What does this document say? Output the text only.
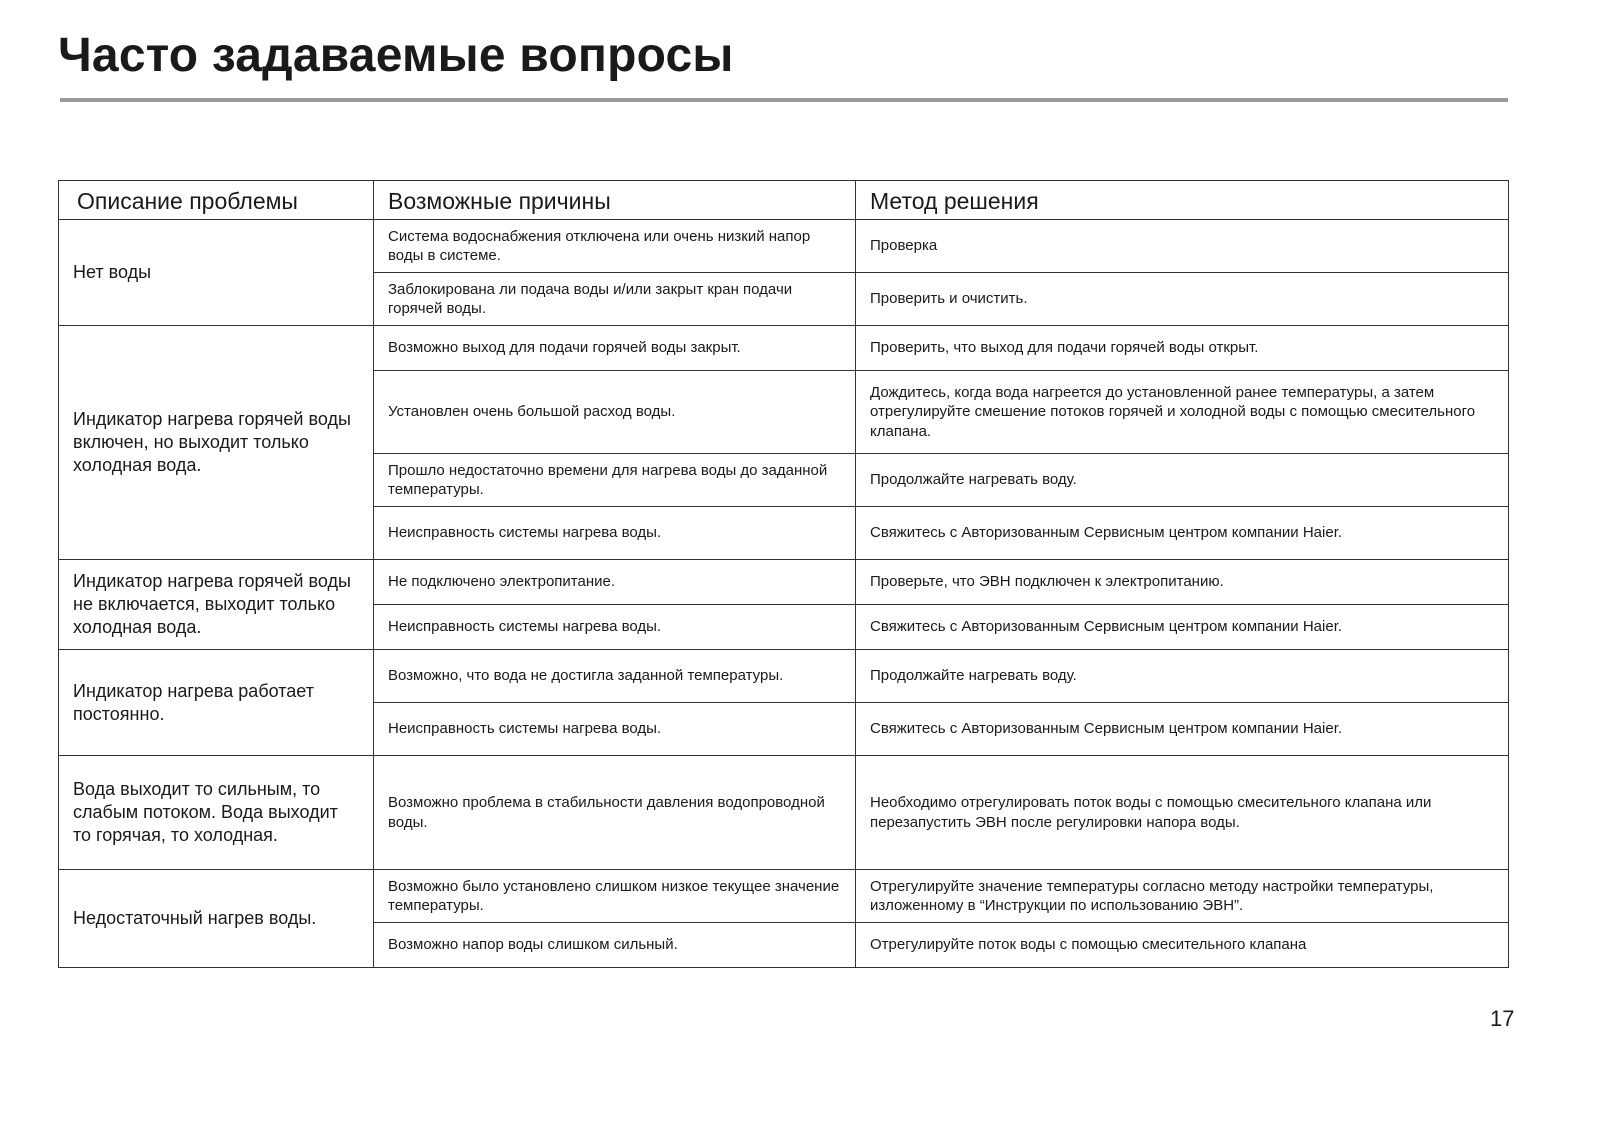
Часто задаваемые вопросы
Описание проблемы	Возможные причины	Метод решения
Нет воды	Система водоснабжения отключена или очень низкий напор воды в системе.	Проверка
	Заблокирована ли подача воды и/или закрыт кран подачи горячей воды.	Проверить и очистить.
Индикатор нагрева горячей воды включен, но выходит только холодная вода.	Возможно выход для подачи горячей воды закрыт.	Проверить, что выход для подачи горячей воды открыт.
	Установлен очень большой расход воды.	Дождитесь, когда вода нагреется до установленной ранее температуры, а затем отрегулируйте смешение потоков горячей и холодной воды с помощью смесительного клапана.
	Прошло недостаточно времени для нагрева воды до заданной температуры.	Продолжайте нагревать воду.
	Неисправность системы нагрева воды.	Свяжитесь с Авторизованным Сервисным центром компании Haier.
Индикатор нагрева горячей воды не включается, выходит только холодная вода.	Не подключено электропитание.	Проверьте, что ЭВН подключен к электропитанию.
	Неисправность системы нагрева воды.	Свяжитесь с Авторизованным Сервисным центром компании Haier.
Индикатор нагрева работает постоянно.	Возможно, что вода не достигла заданной температуры.	Продолжайте нагревать воду.
	Неисправность системы нагрева воды.	Свяжитесь с Авторизованным Сервисным центром компании Haier.
Вода выходит то сильным, то слабым потоком. Вода выходит то горячая, то холодная.	Возможно проблема в стабильности давления водопроводной воды.	Необходимо отрегулировать поток воды с помощью смесительного клапана или перезапустить ЭВН после регулировки напора воды.
Недостаточный нагрев воды.	Возможно было установлено слишком низкое текущее значение температуры.	Отрегулируйте значение температуры согласно методу настройки температуры, изложенному в “Инструкции по использованию ЭВН”.
	Возможно напор воды слишком сильный.	Отрегулируйте поток воды с помощью смесительного клапана
17
